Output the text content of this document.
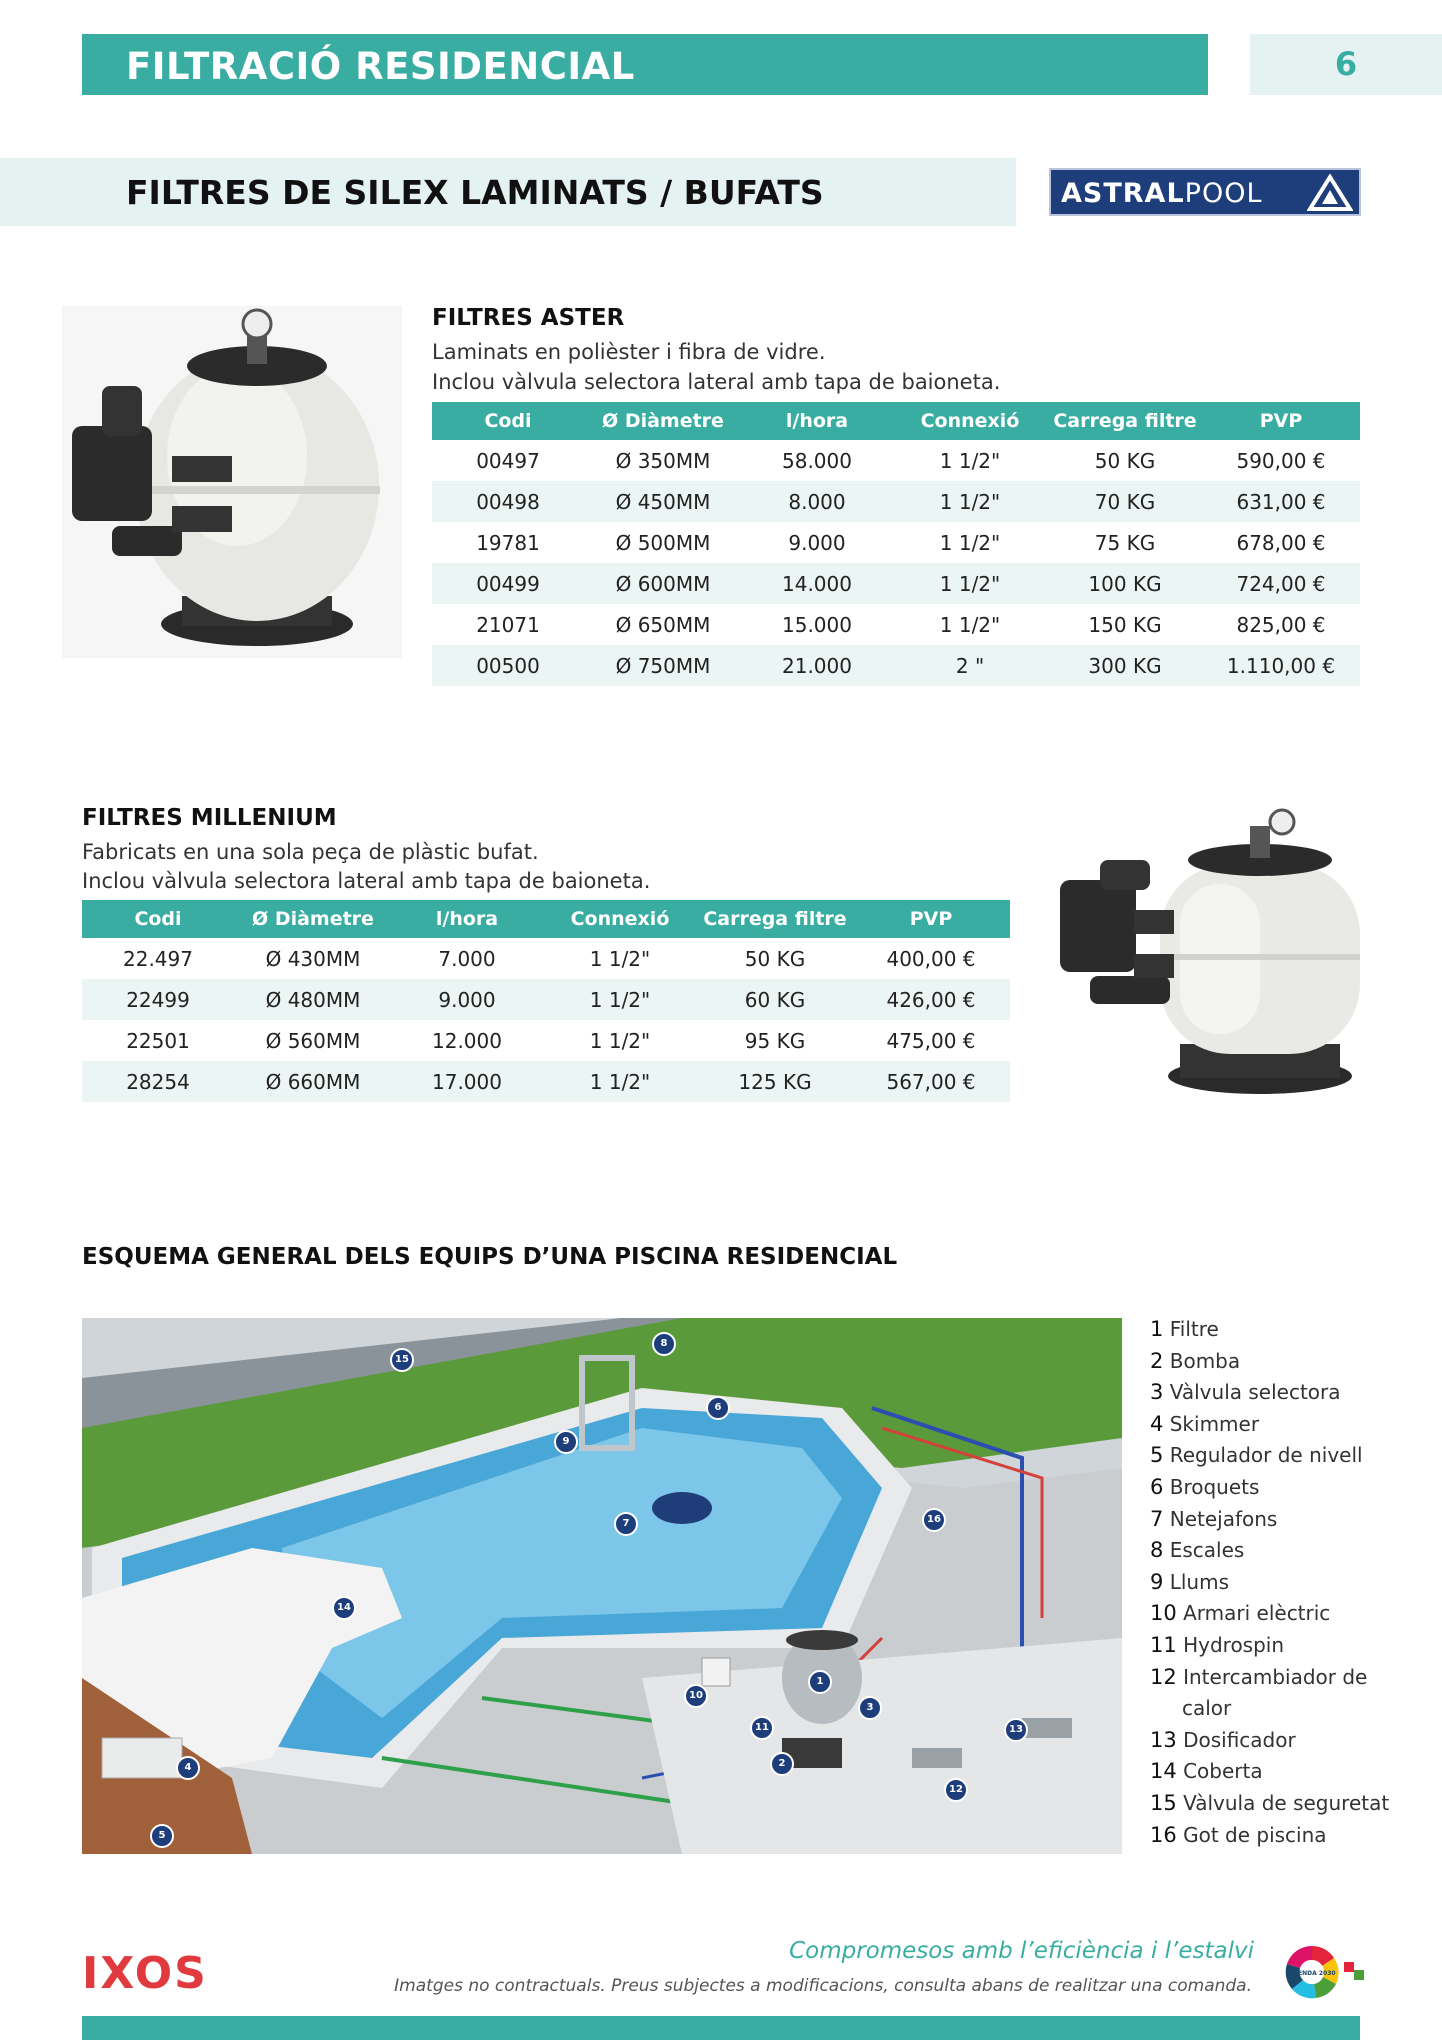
FILTRACIÓ RESIDENCIAL	6
FILTRES DE SILEX LAMINATS / BUFATS	ASTRALPOOL
FILTRES ASTER
Laminats en polièster i fibra de vidre.
Inclou vàlvula selectora lateral amb tapa de baioneta.
Codi	Ø Diàmetre	l/hora	Connexió	Carrega filtre	PVP
00497	Ø 350MM	58.000	1 1/2"	50 KG	590,00 €
00498	Ø 450MM	8.000	1 1/2"	70 KG	631,00 €
19781	Ø 500MM	9.000	1 1/2"	75 KG	678,00 €
00499	Ø 600MM	14.000	1 1/2"	100 KG	724,00 €
21071	Ø 650MM	15.000	1 1/2"	150 KG	825,00 €
00500	Ø 750MM	21.000	2 "	300 KG	1.110,00 €
FILTRES MILLENIUM
Fabricats en una sola peça de plàstic bufat.
Inclou vàlvula selectora lateral amb tapa de baioneta.
Codi	Ø Diàmetre	l/hora	Connexió	Carrega filtre	PVP
22.497	Ø 430MM	7.000	1 1/2"	50 KG	400,00 €
22499	Ø 480MM	9.000	1 1/2"	60 KG	426,00 €
22501	Ø 560MM	12.000	1 1/2"	95 KG	475,00 €
28254	Ø 660MM	17.000	1 1/2"	125 KG	567,00 €
ESQUEMA GENERAL DELS EQUIPS D’UNA PISCINA RESIDENCIAL
1
2
3
4
5
6
7
8
9
10
11
12
13
14
15
16
1 Filtre
2 Bomba
3 Vàlvula selectora
4 Skimmer
5 Regulador de nivell
6 Broquets
7 Netejafons
8 Escales
9 Llums
10 Armari elèctric
11 Hydrospin
12 Intercambiador de
calor
13 Dosificador
14 Coberta
15 Vàlvula de seguretat
16 Got de piscina
IXOS	Compromesos amb l’eficiència i l’estalvi
Imatges no contractuals. Preus subjectes a modificacions, consulta abans de realitzar una comanda.
AGENDA 2030
